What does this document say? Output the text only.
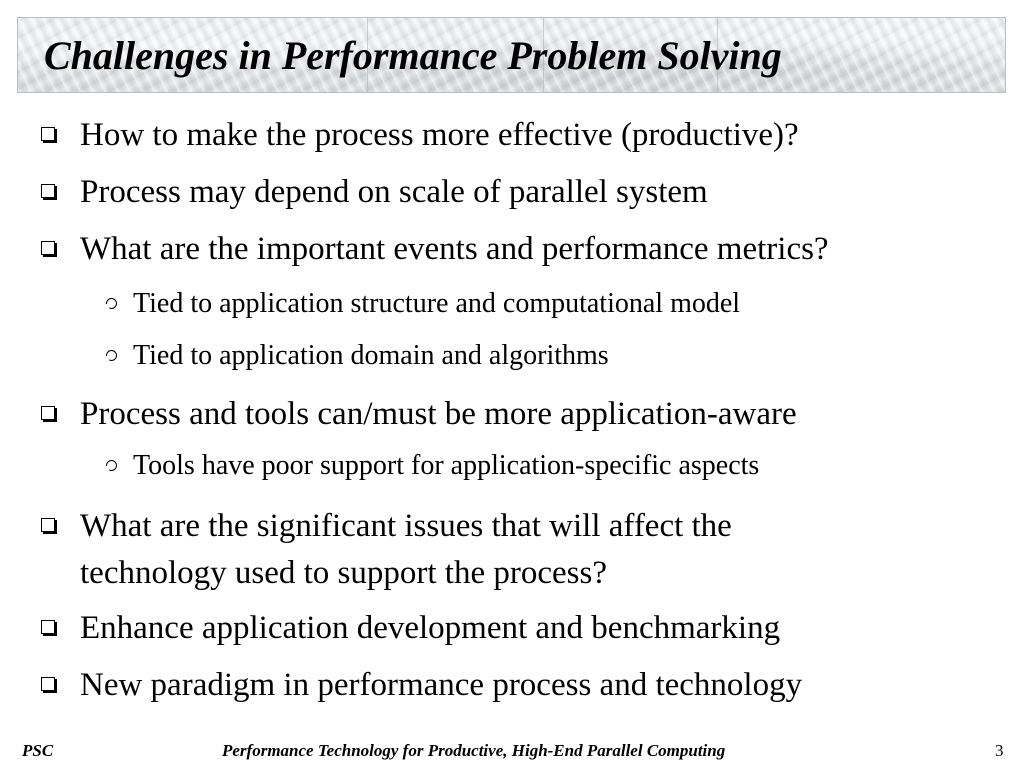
Challenges in Performance Problem Solving
How to make the process more effective (productive)?
Process may depend on scale of parallel system
What are the important events and performance metrics?
Tied to application structure and computational model
Tied to application domain and algorithms
Process and tools can/must be more application-aware
Tools have poor support for application-specific aspects
What are the significant issues that will affect the
technology used to support the process?
Enhance application development and benchmarking
New paradigm in performance process and technology
PSC	Performance Technology for Productive, High-End Parallel Computing	3
